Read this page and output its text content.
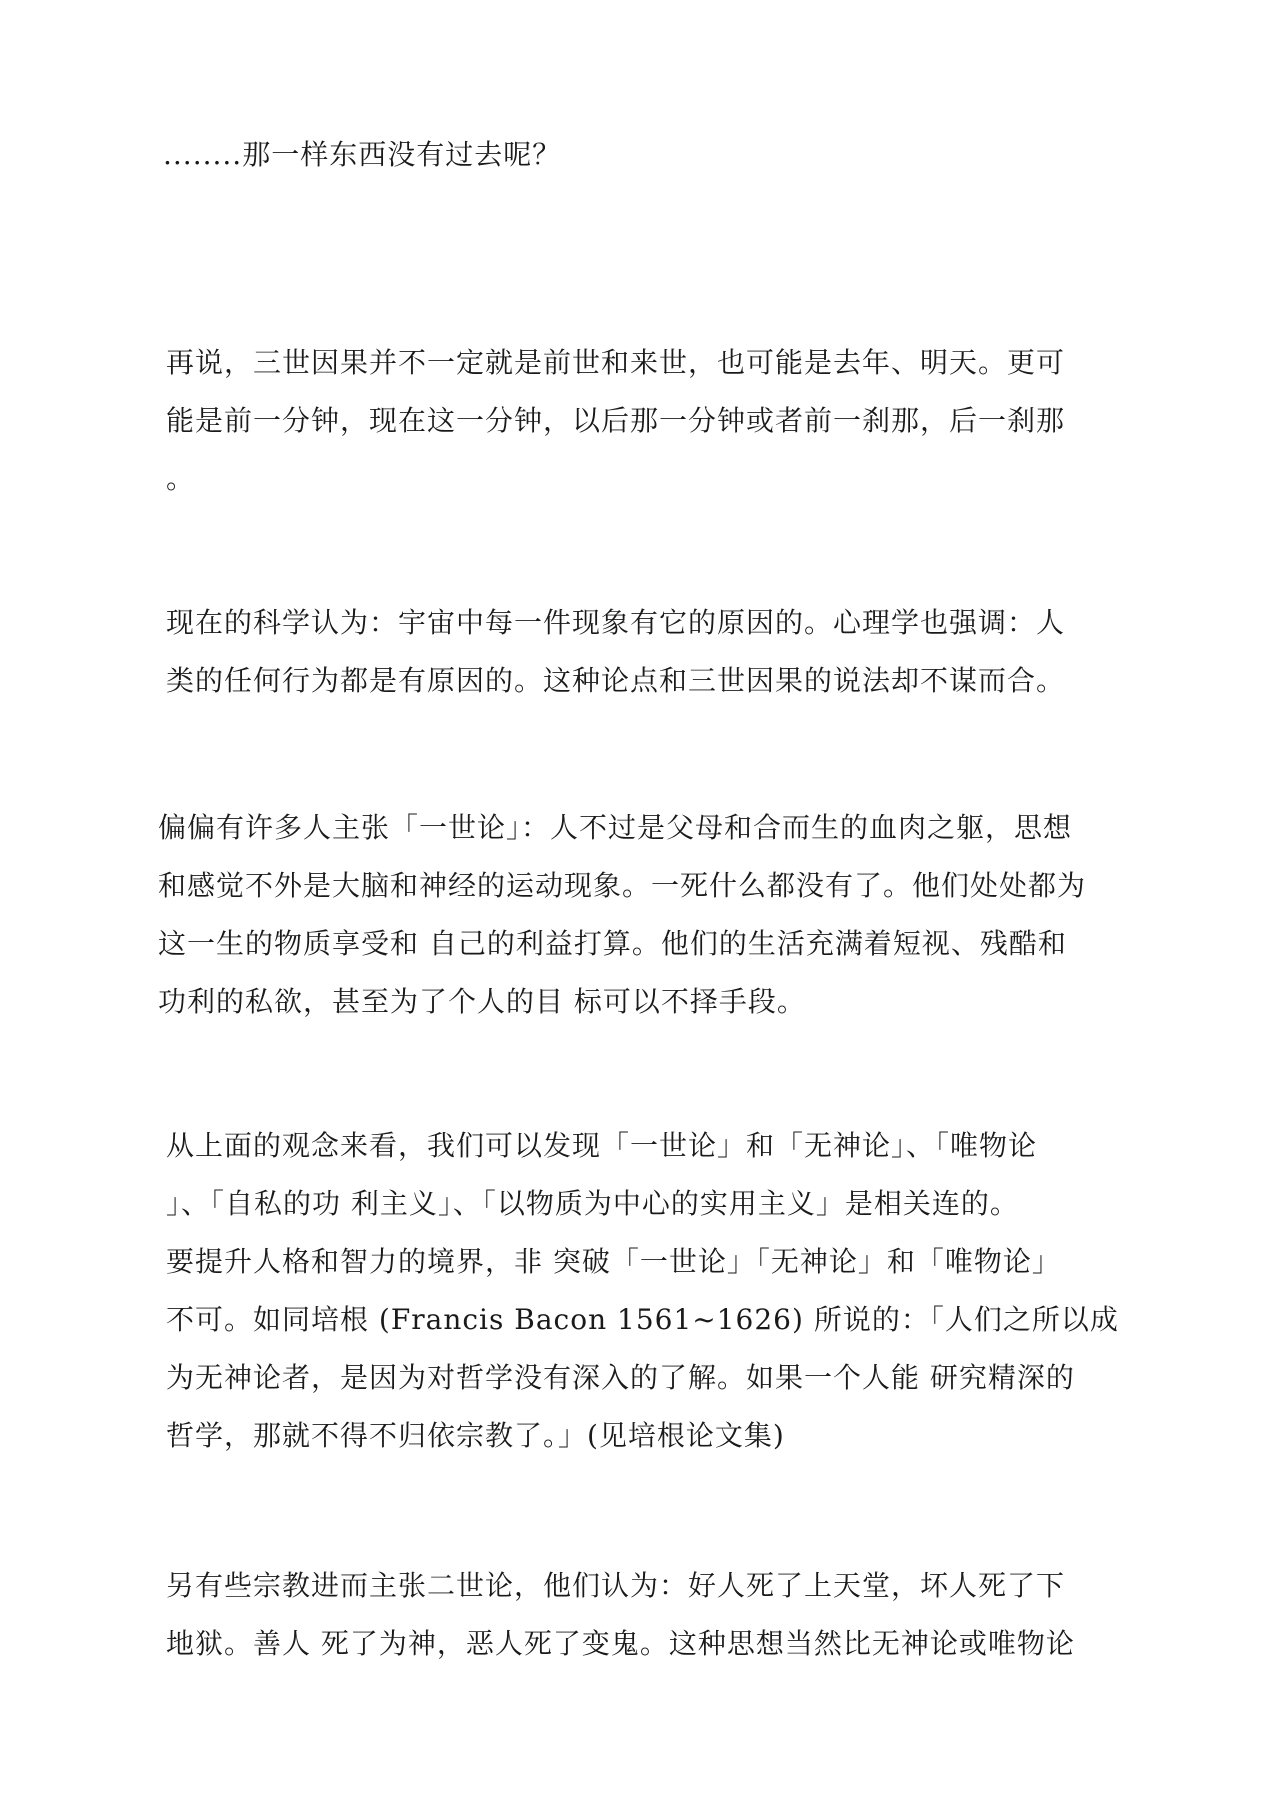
........那一样东西没有过去呢？
再说，三世因果并不一定就是前世和来世，也可能是去年、明天。更可
能是前一分钟，现在这一分钟，以后那一分钟或者前一刹那，后一刹那
。
现在的科学认为：宇宙中每一件现象有它的原因的。心理学也强调：人
类的任何行为都是有原因的。这种论点和三世因果的说法却不谋而合。
偏偏有许多人主张「一世论」：人不过是父母和合而生的血肉之躯，思想
和感觉不外是大脑和神经的运动现象。一死什么都没有了。他们处处都为
这一生的物质享受和 自己的利益打算。他们的生活充满着短视、残酷和
功利的私欲，甚至为了个人的目 标可以不择手段。
从上面的观念来看，我们可以发现「一世论」和「无神论」、「唯物论
」、「自私的功 利主义」、「以物质为中心的实用主义」是相关连的。
要提升人格和智力的境界，非 突破「一世论」「无神论」和「唯物论」
不可。如同培根 (Francis Bacon 1561~1626) 所说的：「人们之所以成
为无神论者，是因为对哲学没有深入的了解。如果一个人能 研究精深的
哲学，那就不得不归依宗教了。」(见培根论文集)
另有些宗教进而主张二世论，他们认为：好人死了上天堂，坏人死了下
地狱。善人 死了为神，恶人死了变鬼。这种思想当然比无神论或唯物论
